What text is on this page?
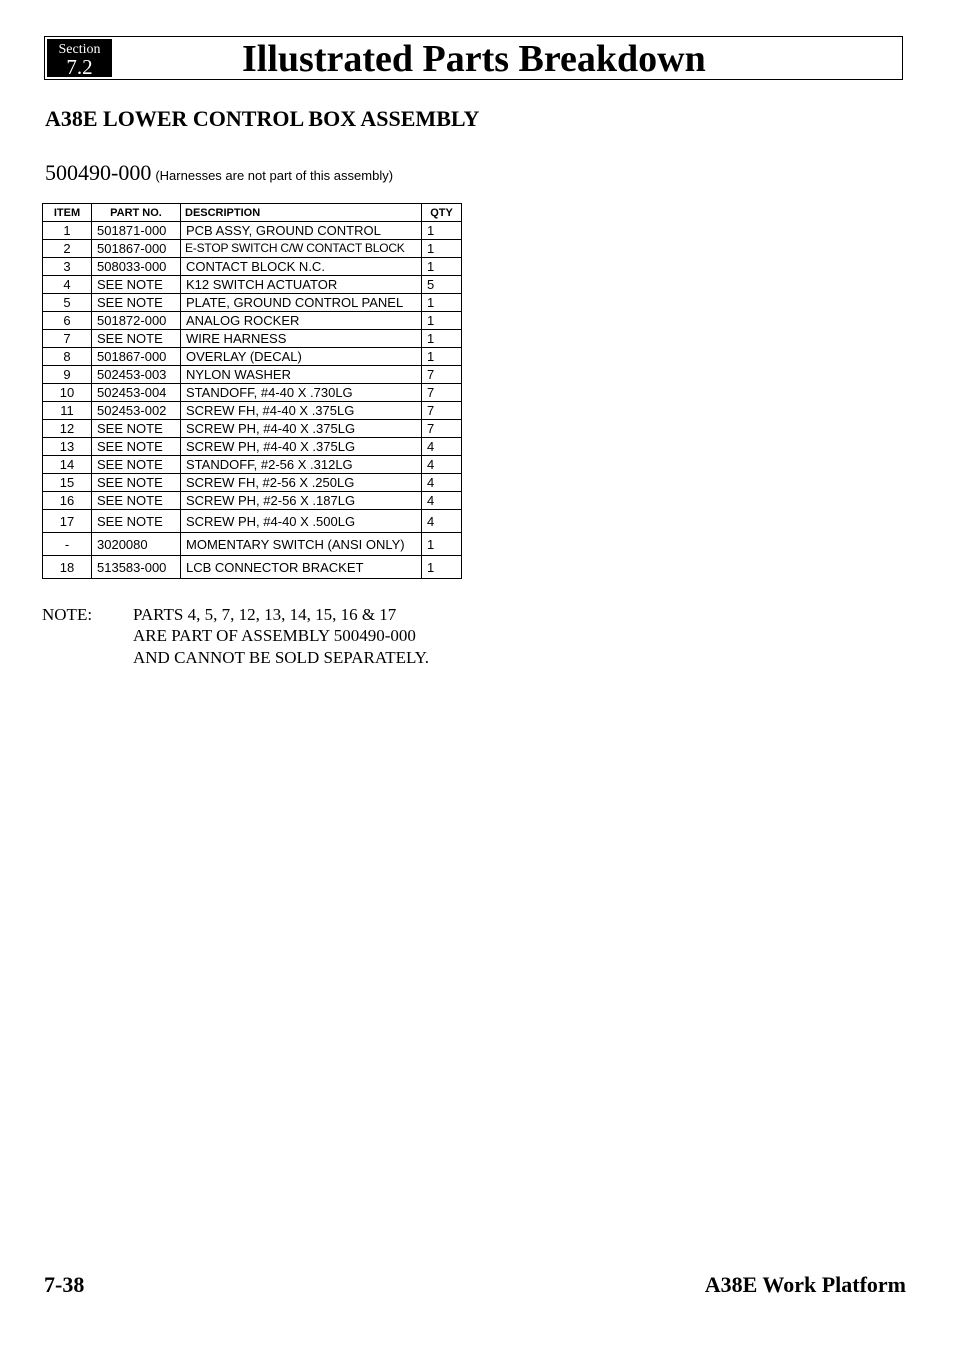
Section
7.2	Illustrated Parts Breakdown
A38E LOWER CONTROL BOX ASSEMBLY
500490-000 (Harnesses are not part of this assembly)
ITEM	PART NO.	DESCRIPTION	QTY
1	501871-000	PCB ASSY, GROUND CONTROL	1
2	501867-000	E-STOP SWITCH C/W CONTACT BLOCK	1
3	508033-000	CONTACT BLOCK N.C.	1
4	SEE NOTE	K12 SWITCH ACTUATOR	5
5	SEE NOTE	PLATE, GROUND CONTROL PANEL	1
6	501872-000	ANALOG ROCKER	1
7	SEE NOTE	WIRE HARNESS	1
8	501867-000	OVERLAY (DECAL)	1
9	502453-003	NYLON WASHER	7
10	502453-004	STANDOFF, #4-40 X .730LG	7
11	502453-002	SCREW FH, #4-40 X .375LG	7
12	SEE NOTE	SCREW PH, #4-40 X .375LG	7
13	SEE NOTE	SCREW PH, #4-40 X .375LG	4
14	SEE NOTE	STANDOFF, #2-56 X .312LG	4
15	SEE NOTE	SCREW FH, #2-56 X .250LG	4
16	SEE NOTE	SCREW PH, #2-56 X .187LG	4
17	SEE NOTE	SCREW PH, #4-40 X .500LG	4
-	3020080	MOMENTARY SWITCH (ANSI ONLY)	1
18	513583-000	LCB CONNECTOR BRACKET	1
NOTE: PARTS 4, 5, 7, 12, 13, 14, 15, 16 & 17
ARE PART OF ASSEMBLY 500490-000
AND CANNOT BE SOLD SEPARATELY.
7-38	A38E Work Platform
